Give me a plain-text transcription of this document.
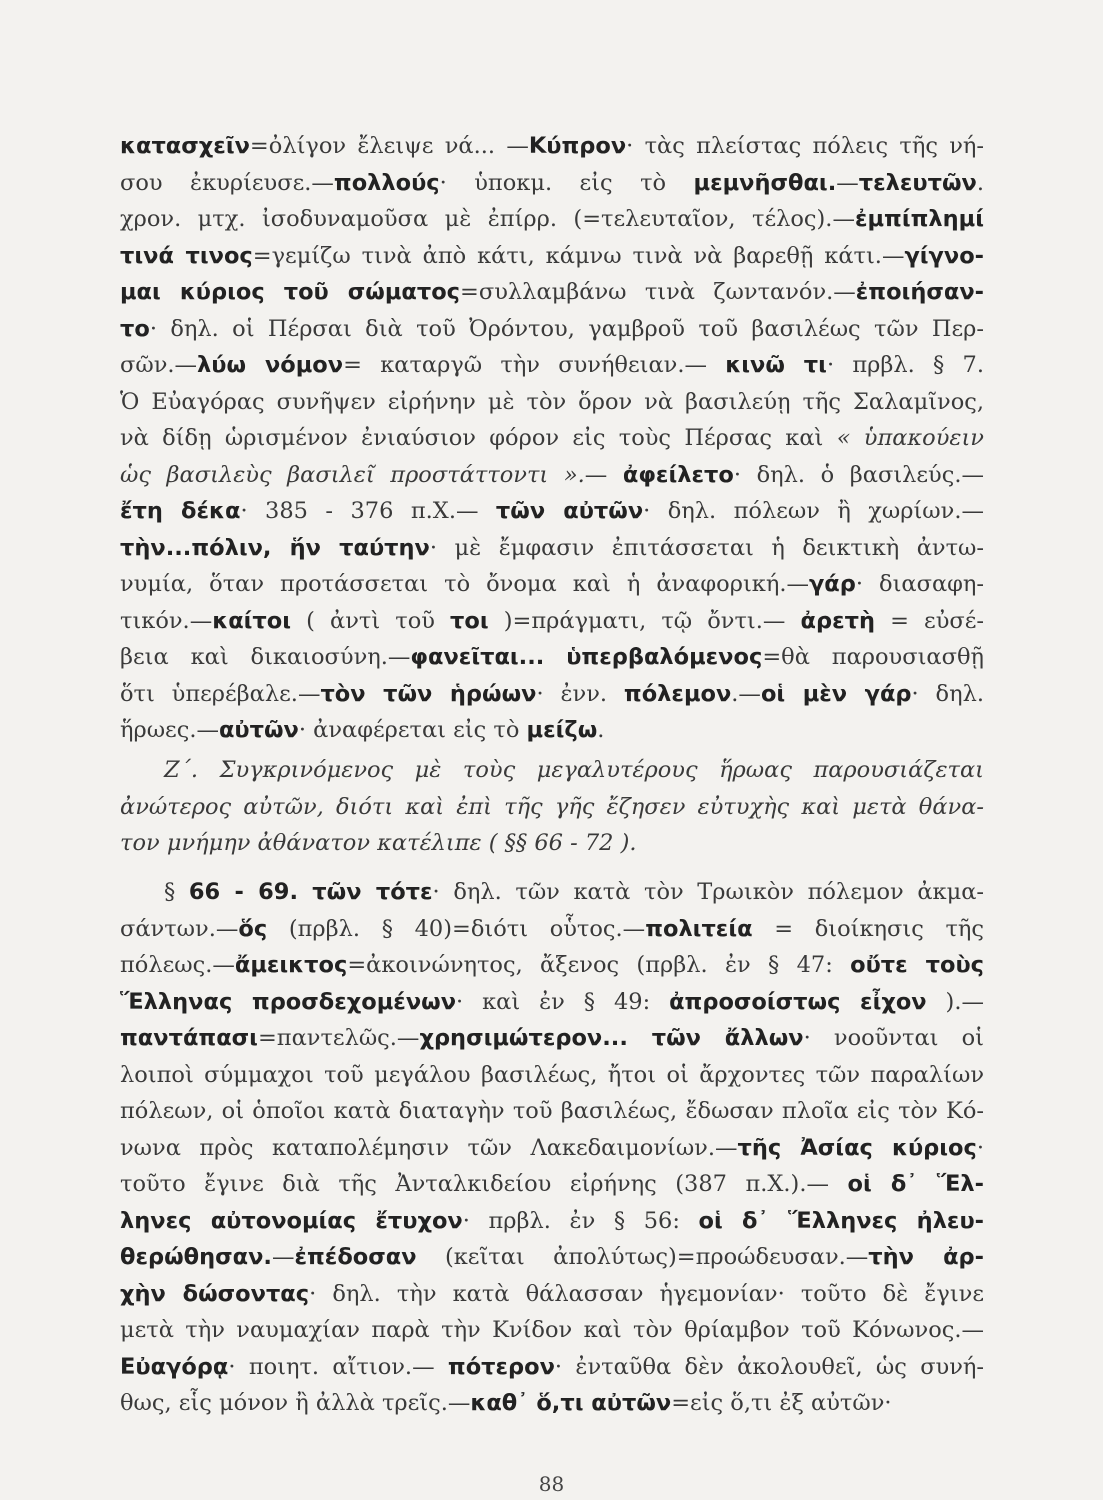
κατασχεῖν=ὀλίγον ἔλειψε νά... —Κύπρον· τὰς πλείστας πόλεις τῆς νή-
σου ἐκυρίευσε.—πολλούς· ὑποκμ. εἰς τὸ μεμνῆσθαι.—τελευτῶν.
χρον. μτχ. ἰσοδυναμοῦσα μὲ ἐπίρρ. (=τελευταῖον, τέλος).—ἐμπίπλημί
τινά τινος=γεμίζω τινὰ ἀπὸ κάτι, κάμνω τινὰ νὰ βαρεθῇ κάτι.—γίγνο-
μαι κύριος τοῦ σώματος=συλλαμβάνω τινὰ ζωντανόν.—ἐποιήσαν-
το· δηλ. οἱ Πέρσαι διὰ τοῦ Ὀρόντου, γαμβροῦ τοῦ βασιλέως τῶν Περ-
σῶν.—λύω νόμον= καταργῶ τὴν συνήθειαν.— κινῶ τι· πρβλ. § 7.
Ὁ Εὐαγόρας συνῆψεν εἰρήνην μὲ τὸν ὅρον νὰ βασιλεύῃ τῆς Σαλαμῖνος,
νὰ δίδῃ ὡρισμένον ἐνιαύσιον φόρον εἰς τοὺς Πέρσας καὶ « ὑπακούειν
ὡς βασιλεὺς βασιλεῖ προστάττοντι ».— ἀφείλετο· δηλ. ὁ βασιλεύς.—
ἔτη δέκα· 385 - 376 π.Χ.— τῶν αὐτῶν· δηλ. πόλεων ἢ χωρίων.—
τὴν...πόλιν, ἥν ταύτην· μὲ ἔμφασιν ἐπιτάσσεται ἡ δεικτικὴ ἀντω-
νυμία, ὅταν προτάσσεται τὸ ὄνομα καὶ ἡ ἀναφορική.—γάρ· διασαφη-
τικόν.—καίτοι ( ἀντὶ τοῦ τοι )=πράγματι, τῷ ὄντι.— ἀρετὴ = εὐσέ-
βεια καὶ δικαιοσύνη.—φανεῖται... ὑπερβαλόμενος=θὰ παρουσιασθῇ
ὅτι ὑπερέβαλε.—τὸν τῶν ἡρώων· ἐνν. πόλεμον.—οἱ μὲν γάρ· δηλ.
ἥρωες.—αὐτῶν· ἀναφέρεται εἰς τὸ μείζω.
Ζ΄. Συγκρινόμενος μὲ τοὺς μεγαλυτέρους ἥρωας παρουσιάζεται
ἀνώτερος αὐτῶν, διότι καὶ ἐπὶ τῆς γῆς ἔζησεν εὐτυχὴς καὶ μετὰ θάνα-
τον μνήμην ἀθάνατον κατέλιπε ( §§ 66 - 72 ).
§ 66 - 69. τῶν τότε· δηλ. τῶν κατὰ τὸν Τρωικὸν πόλεμον ἀκμα-
σάντων.—ὅς (πρβλ. § 40)=διότι οὗτος.—πολιτεία = διοίκησις τῆς
πόλεως.—ἄμεικτος=ἀκοινώνητος, ἄξενος (πρβλ. ἐν § 47: οὔτε τοὺς
Ἕλληνας προσδεχομένων· καὶ ἐν § 49: ἀπροσοίστως εἶχον ).—
παντάπασι=παντελῶς.—χρησιμώτερον... τῶν ἄλλων· νοοῦνται οἱ
λοιποὶ σύμμαχοι τοῦ μεγάλου βασιλέως, ἤτοι οἱ ἄρχοντες τῶν παραλίων
πόλεων, οἱ ὁποῖοι κατὰ διαταγὴν τοῦ βασιλέως, ἔδωσαν πλοῖα εἰς τὸν Κό-
νωνα πρὸς καταπολέμησιν τῶν Λακεδαιμονίων.—τῆς Ἀσίας κύριος·
τοῦτο ἔγινε διὰ τῆς Ἀνταλκιδείου εἰρήνης (387 π.Χ.).— οἱ δ᾽ Ἕλ-
ληνες αὐτονομίας ἔτυχον· πρβλ. ἐν § 56: οἱ δ᾽ Ἕλληνες ἠλευ-
θερώθησαν.—ἐπέδοσαν (κεῖται ἀπολύτως)=προώδευσαν.—τὴν ἀρ-
χὴν δώσοντας· δηλ. τὴν κατὰ θάλασσαν ἡγεμονίαν· τοῦτο δὲ ἔγινε
μετὰ τὴν ναυμαχίαν παρὰ τὴν Κνίδον καὶ τὸν θρίαμβον τοῦ Κόνωνος.—
Εὐαγόρᾳ· ποιητ. αἴτιον.— πότερον· ἐνταῦθα δὲν ἀκολουθεῖ, ὡς συνή-
θως, εἷς μόνον ἢ ἀλλὰ τρεῖς.—καθ᾽ ὅ,τι αὐτῶν=εἰς ὅ,τι ἐξ αὐτῶν·
88
